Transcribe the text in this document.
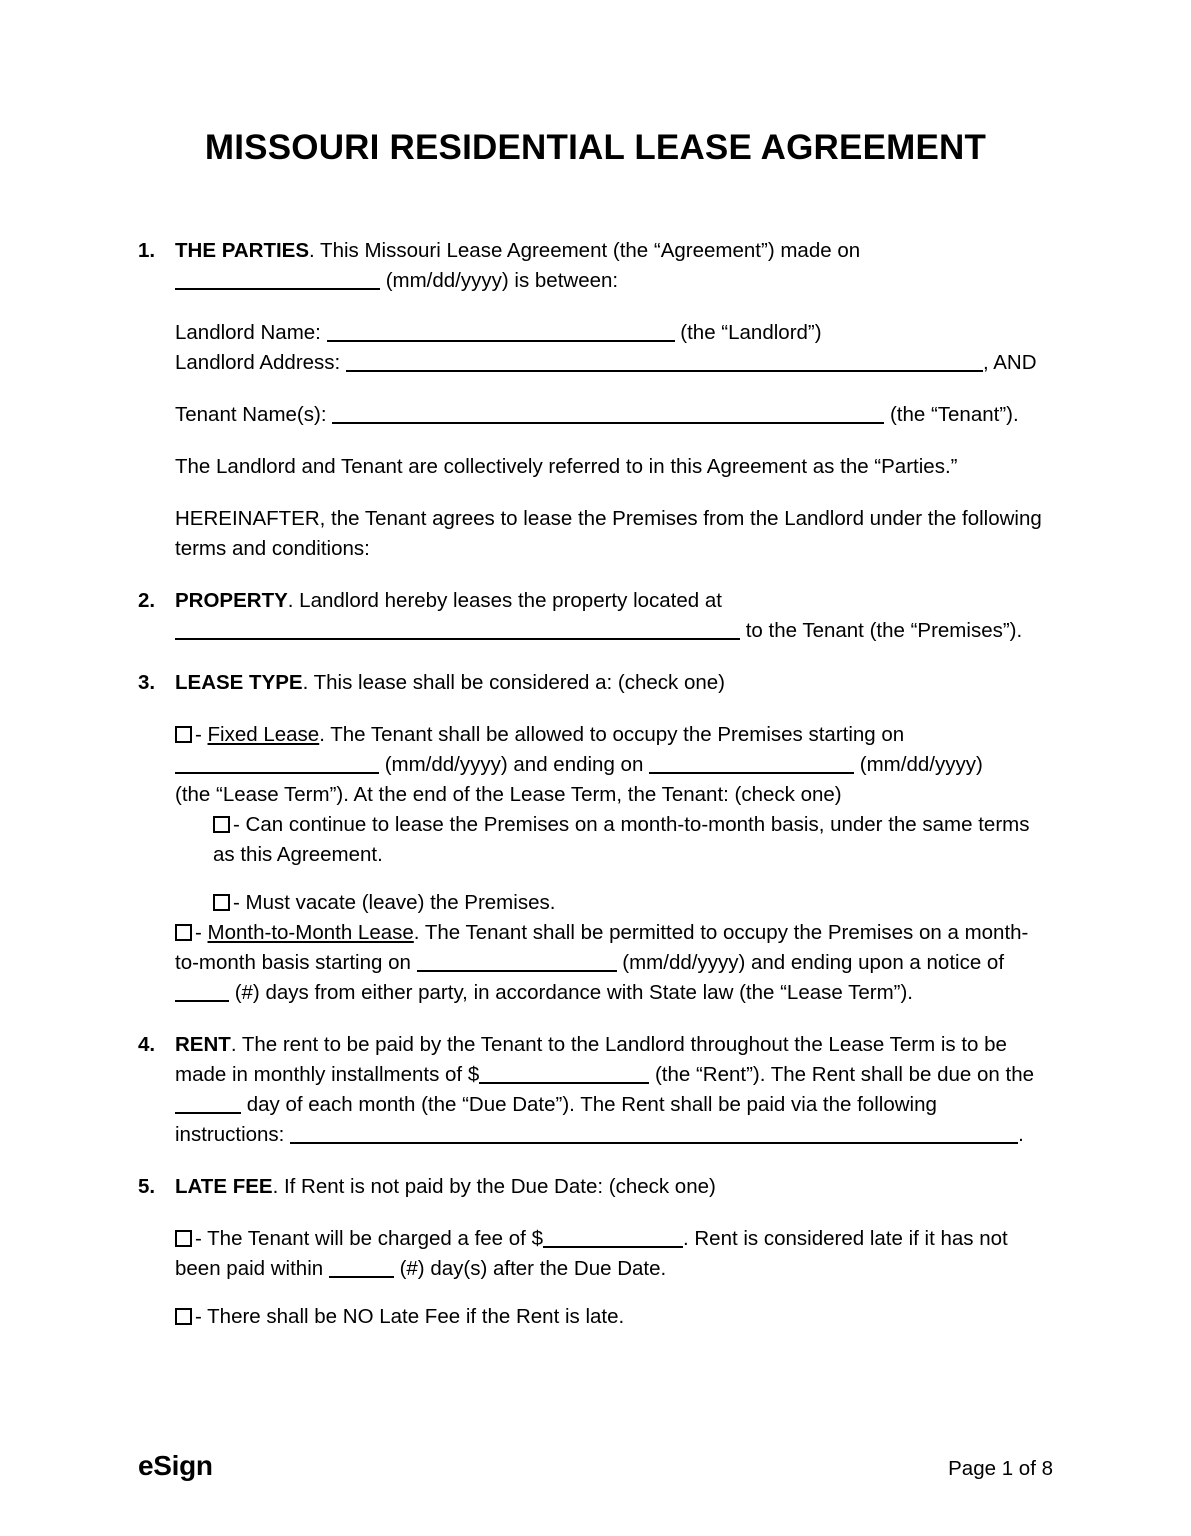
MISSOURI RESIDENTIAL LEASE AGREEMENT
1. THE PARTIES. This Missouri Lease Agreement (the “Agreement”) made on
(mm/dd/yyyy) is between:

Landlord Name:	(the “Landlord”)
Landlord Address:	, AND

Tenant Name(s):	(the “Tenant”).

The Landlord and Tenant are collectively referred to in this Agreement as the “Parties.”

HEREINAFTER, the Tenant agrees to lease the Premises from the Landlord under the following terms and conditions:

2. PROPERTY. Landlord hereby leases the property located at
to the Tenant (the “Premises”).

3. LEASE TYPE. This lease shall be considered a: (check one)

- Fixed Lease. The Tenant shall be allowed to occupy the Premises starting on
(mm/dd/yyyy) and ending on	(mm/dd/yyyy)
(the “Lease Term”). At the end of the Lease Term, the Tenant: (check one)

- Can continue to lease the Premises on a month-to-month basis, under the same terms as this Agreement.

- Must vacate (leave) the Premises.

- Month-to-Month Lease. The Tenant shall be permitted to occupy the Premises on a month-to-month basis starting on	(mm/dd/yyyy) and ending upon a notice of  (#) days from either party, in accordance with State law (the “Lease Term”).

4. RENT. The rent to be paid by the Tenant to the Landlord throughout the Lease Term is to be made in monthly installments of $	(the “Rent”). The Rent shall be due on the  day of each month (the “Due Date”). The Rent shall be paid via the following instructions:	.

5. LATE FEE. If Rent is not paid by the Due Date: (check one)

- The Tenant will be charged a fee of $	. Rent is considered late if it has not been paid within	(#) day(s) after the Due Date.

- There shall be NO Late Fee if the Rent is late.

eSign	Page 1 of 8
